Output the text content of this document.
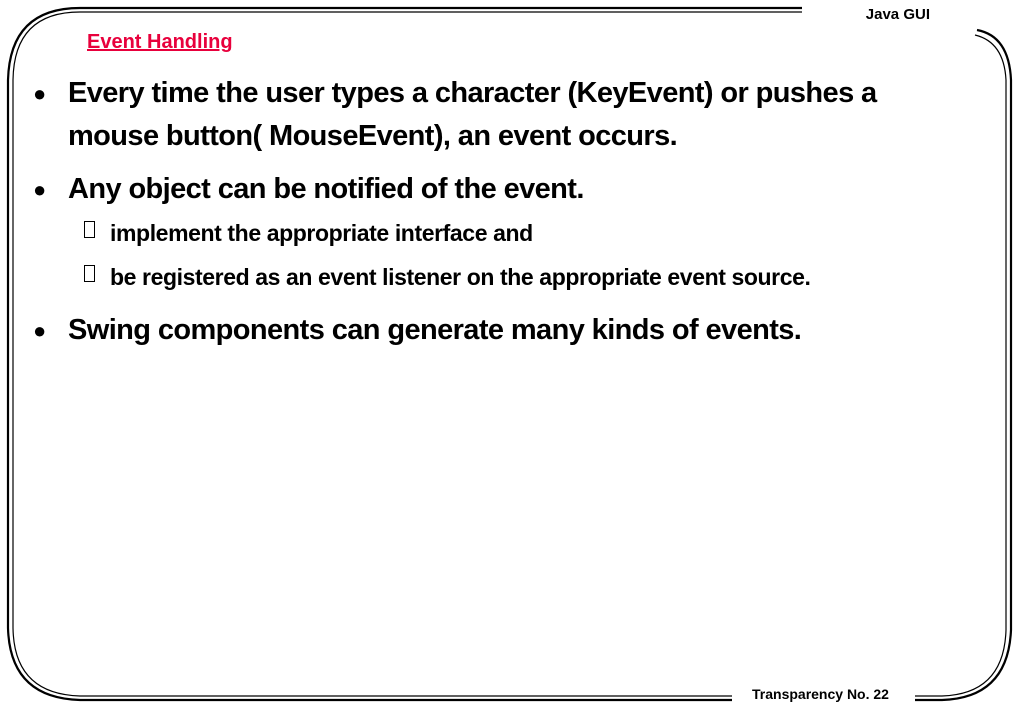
Java GUI
Event Handling
● Every time the user types a character (KeyEvent) or pushes a
mouse button( MouseEvent), an event occurs.
● Any object can be notified of the event.
implement the appropriate interface and
be registered as an event listener on the appropriate event source.
● Swing components can generate many kinds of events.
Transparency No. 22
